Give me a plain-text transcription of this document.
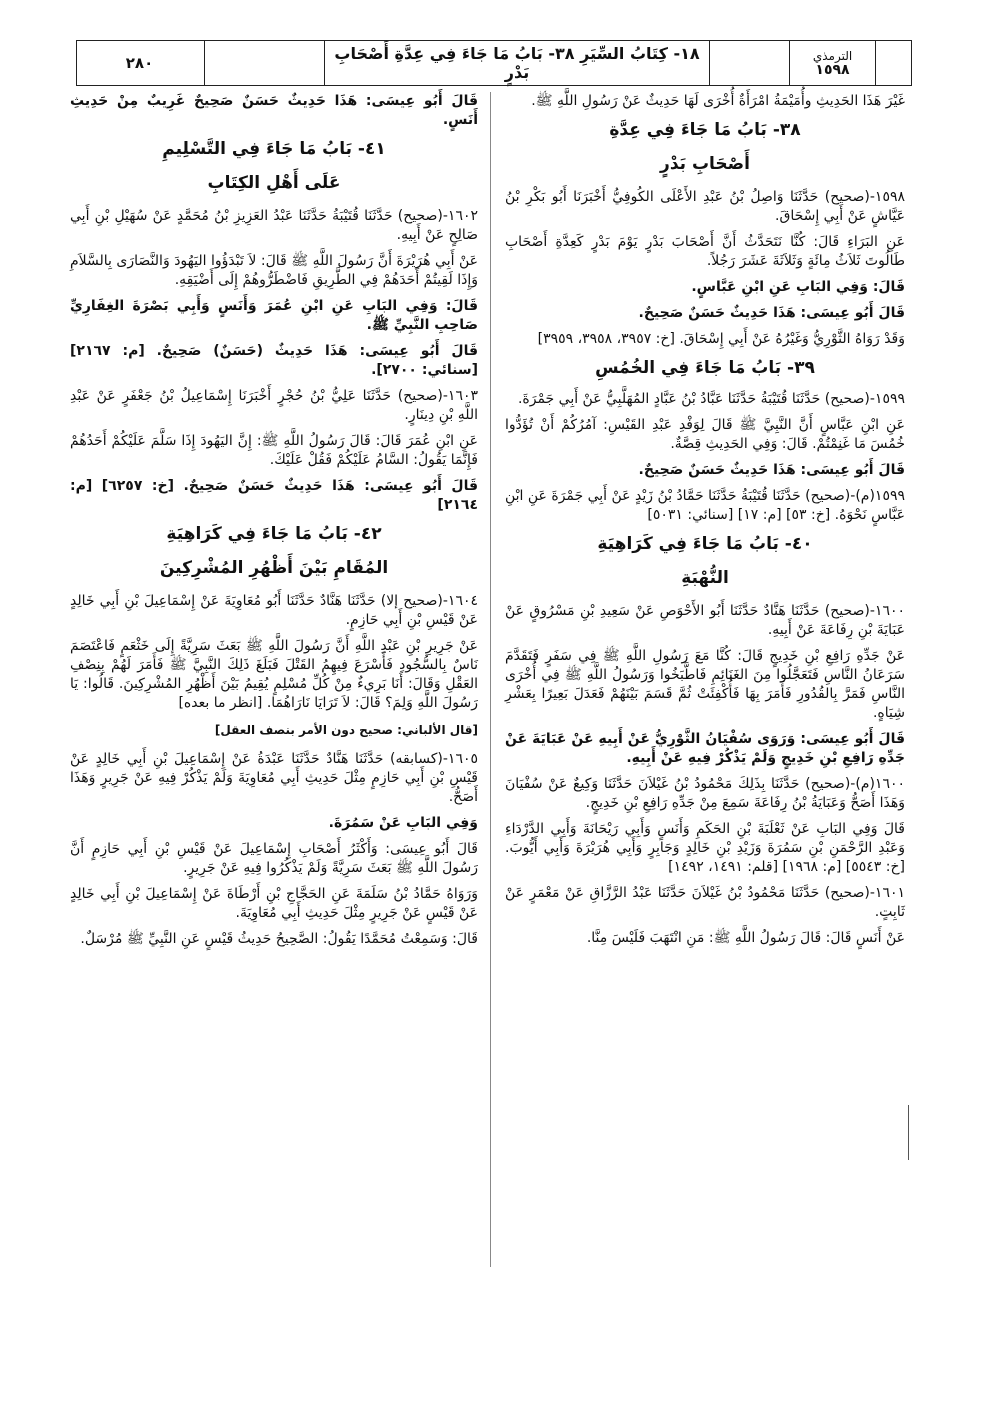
الترمذي
١٥٩٨
١٨- كِتَابُ السِّيَرِ ٣٨- بَابُ مَا جَاءَ فِي عِدَّةِ أَصْحَابِ بَدْرٍ
٢٨٠

غَيْرَ هَذَا الحَدِيثِ وأُمَيْمَةُ امْرَأَةٌ أُخْرَى لَهَا حَدِيثٌ عَنْ رَسُولِ اللَّهِ ﷺ.

٣٨- بَابُ مَا جَاءَ فِي عِدَّةِ

أَصْحَابِ بَدْرٍ

١٥٩٨-(صحيح) حَدَّثَنَا وَاصِلُ بْنُ عَبْدِ الأَعْلَى الكُوفِيُّ أَخْبَرَنَا أَبُو بَكْرِ بْنُ عَيَّاشٍ عَنْ أَبِي إِسْحَاقَ.

عَنِ البَرَاءِ قَالَ: كُنَّا نَتَحَدَّثُ أَنَّ أَصْحَابَ بَدْرٍ يَوْمَ بَدْرٍ كَعِدَّةِ أَصْحَابِ طَالُوتَ ثَلاَثُ مِائَةٍ وَثَلاَثَةَ عَشَرَ رَجُلاً.

قَالَ: وَفِي البَابِ عَنِ ابْنِ عَبَّاسٍ.

قَالَ أَبُو عِيسَى: هَذَا حَدِيثٌ حَسَنٌ صَحِيحٌ.

وَقَدْ رَوَاهُ الثَّوْرِيُّ وَغَيْرُهُ عَنْ أَبِي إِسْحَاقَ. [خ: ٣٩٥٧، ٣٩٥٨، ٣٩٥٩]

٣٩- بَابُ مَا جَاءَ فِي الخُمُسِ

١٥٩٩-(صحيح) حَدَّثَنَا قُتَيْبَةُ حَدَّثَنَا عَبَّادُ بْنُ عَبَّادٍ المُهَلَّبِيُّ عَنْ أَبِي جَمْرَةَ.

عَنِ ابْنِ عَبَّاسٍ أَنَّ النَّبِيَّ ﷺ قَالَ لِوَفْدِ عَبْدِ القَيْسِ: آمُرُكُمْ أَنْ تُؤَدُّوا خُمُسَ مَا غَنِمْتُمْ. قَالَ: وَفِي الحَدِيثِ قِصَّةٌ.

قَالَ أَبُو عِيسَى: هَذَا حَدِيثٌ حَسَنٌ صَحِيحٌ.

١٥٩٩(م)-(صحيح) حَدَّثَنَا قُتَيْبَةُ حَدَّثَنَا حَمَّادُ بْنُ زَيْدٍ عَنْ أَبِي جَمْرَةَ عَنِ ابْنِ عَبَّاسٍ نَحْوَهُ. [خ: ٥٣] [م: ١٧] [سنائي: ٥٠٣١]

٤٠- بَابُ مَا جَاءَ فِي كَرَاهِيَةِ

النُّهْبَةِ

١٦٠٠-(صحيح) حَدَّثَنَا هَنَّادٌ حَدَّثَنَا أَبُو الأَحْوَصِ عَنْ سَعِيدِ بْنِ مَسْرُوقٍ عَنْ عَبَايَةَ بْنِ رِفَاعَةَ عَنْ أَبِيهِ.

عَنْ جَدِّهِ رَافِعِ بْنِ خَدِيجٍ قَالَ: كُنَّا مَعَ رَسُولِ اللَّهِ ﷺ فِي سَفَرٍ فَتَقَدَّمَ سَرَعَانُ النَّاسِ فَتَعَجَّلُوا مِنَ الغَنَائِمِ فَاطَّبَخُوا وَرَسُولُ اللَّهِ ﷺ فِي أُخْرَى النَّاسِ فَمَرَّ بِالقُدُورِ فَأَمَرَ بِهَا فَأُكْفِئَتْ ثُمَّ قَسَمَ بَيْنَهُمْ فَعَدَلَ بَعِيرًا بِعَشْرِ شِيَاهٍ.

قَالَ أَبُو عِيسَى: وَرَوَى سُفْيَانُ الثَّوْرِيُّ عَنْ أَبِيهِ عَنْ عَبَايَةَ عَنْ جَدِّهِ رَافِعِ بْنِ خَدِيجٍ وَلَمْ يَذْكُرْ فِيهِ عَنْ أَبِيهِ.

١٦٠٠(م)-(صحيح) حَدَّثَنَا بِذَلِكَ مَحْمُودُ بْنُ غَيْلاَنَ حَدَّثَنَا وَكِيعٌ عَنْ سُفْيَانَ وَهَذَا أَصَحُّ وَعَبَايَةُ بْنُ رِفَاعَةَ سَمِعَ مِنْ جَدِّهِ رَافِعِ بْنِ خَدِيجٍ.

قَالَ وَفِي البَابِ عَنْ ثَعْلَبَةَ بْنِ الحَكَمِ وَأَنَسٍ وَأَبِي رَيْحَانَةَ وَأَبِي الدَّرْدَاءِ وَعَبْدِ الرَّحْمَنِ بْنِ سَمُرَةَ وَزَيْدِ بْنِ خَالِدٍ وَجَابِرٍ وَأَبِي هُرَيْرَةَ وَأَبِي أَيُّوبَ. [خ: ٥٥٤٣] [م: ١٩٦٨] [قلم: ١٤٩١، ١٤٩٢]

١٦٠١-(صحيح) حَدَّثَنَا مَحْمُودُ بْنُ غَيْلاَنَ حَدَّثَنَا عَبْدُ الرَّزَّاقِ عَنْ مَعْمَرٍ عَنْ ثَابِتٍ.

عَنْ أَنَسٍ قَالَ: قَالَ رَسُولُ اللَّهِ ﷺ: مَنِ انْتَهَبَ فَلَيْسَ مِنَّا.

قَالَ أَبُو عِيسَى: هَذَا حَدِيثٌ حَسَنٌ صَحِيحٌ غَرِيبٌ مِنْ حَدِيثِ أَنَسٍ.

٤١- بَابُ مَا جَاءَ فِي التَّسْلِيمِ

عَلَى أَهْلِ الكِتَابِ

١٦٠٢-(صحيح) حَدَّثَنَا قُتَيْبَةُ حَدَّثَنَا عَبْدُ العَزِيزِ بْنُ مُحَمَّدٍ عَنْ سُهَيْلِ بْنِ أَبِي صَالِحٍ عَنْ أَبِيهِ.

عَنْ أَبِي هُرَيْرَةَ أَنَّ رَسُولَ اللَّهِ ﷺ قَالَ: لاَ تَبْدَؤُوا اليَهُودَ وَالنَّصَارَى بِالسَّلاَمِ وَإِذَا لَقِيتُمْ أَحَدَهُمْ فِي الطَّرِيقِ فَاضْطَرُّوهُمْ إِلَى أَضْيَقِهِ.

قَالَ: وَفِي البَابِ عَنِ ابْنِ عُمَرَ وَأَنَسٍ وَأَبِي بَصْرَةَ الغِفَارِيِّ صَاحِبِ النَّبِيِّ ﷺ.

قَالَ أَبُو عِيسَى: هَذَا حَدِيثٌ (حَسَنٌ) صَحِيحٌ. [م: ٢١٦٧] [سنائي: ٢٧٠٠].

١٦٠٣-(صحيح) حَدَّثَنَا عَلِيُّ بْنُ حُجْرٍ أَخْبَرَنَا إِسْمَاعِيلُ بْنُ جَعْفَرٍ عَنْ عَبْدِ اللَّهِ بْنِ دِينَارٍ.

عَنِ ابْنِ عُمَرَ قَالَ: قَالَ رَسُولُ اللَّهِ ﷺ: إِنَّ اليَهُودَ إِذَا سَلَّمَ عَلَيْكُمْ أَحَدُهُمْ فَإِنَّمَا يَقُولُ: السَّامُ عَلَيْكُمْ فَقُلْ عَلَيْكَ.

قَالَ أَبُو عِيسَى: هَذَا حَدِيثٌ حَسَنٌ صَحِيحٌ. [خ: ٦٢٥٧] [م: ٢١٦٤]

٤٢- بَابُ مَا جَاءَ فِي كَرَاهِيَةِ

المُقَامِ بَيْنَ أَظْهُرِ المُشْرِكِينَ

١٦٠٤-(صحيح إلا) حَدَّثَنَا هَنَّادٌ حَدَّثَنَا أَبُو مُعَاوِيَةَ عَنْ إِسْمَاعِيلَ بْنِ أَبِي خَالِدٍ عَنْ قَيْسِ بْنِ أَبِي حَازِمٍ.

عَنْ جَرِيرِ بْنِ عَبْدِ اللَّهِ أَنَّ رَسُولَ اللَّهِ ﷺ بَعَثَ سَرِيَّةً إِلَى خَثْعَمٍ فَاعْتَصَمَ نَاسٌ بِالسُّجُودِ فَأَسْرَعَ فِيهِمُ القَتْلَ فَبَلَغَ ذَلِكَ النَّبِيَّ ﷺ فَأَمَرَ لَهُمْ بِنِصْفِ العَقْلِ وَقَالَ: أَنَا بَرِيءٌ مِنْ كُلِّ مُسْلِمٍ يُقِيمُ بَيْنَ أَظْهُرِ المُشْرِكِينَ. قَالُوا: يَا رَسُولَ اللَّهِ وَلِمَ؟ قَالَ: لاَ تَرَايَا نَارَاهُمَا. [انظر ما بعده]

[قال الألباني: صحيح دون الأمر بنصف العقل]

١٦٠٥-(كسابقه) حَدَّثَنَا هَنَّادٌ حَدَّثَنَا عَبْدَةُ عَنْ إِسْمَاعِيلَ بْنِ أَبِي خَالِدٍ عَنْ قَيْسِ بْنِ أَبِي حَازِمٍ مِثْلَ حَدِيثِ أَبِي مُعَاوِيَةَ وَلَمْ يَذْكُرْ فِيهِ عَنْ جَرِيرٍ وَهَذَا أَصَحُّ.

وَفِي البَابِ عَنْ سَمُرَةَ.

قَالَ أَبُو عِيسَى: وَأَكْثَرُ أَصْحَابِ إِسْمَاعِيلَ عَنْ قَيْسِ بْنِ أَبِي حَازِمٍ أَنَّ رَسُولَ اللَّهِ ﷺ بَعَثَ سَرِيَّةً وَلَمْ يَذْكُرُوا فِيهِ عَنْ جَرِيرٍ.

وَرَوَاهُ حَمَّادُ بْنُ سَلَمَةَ عَنِ الحَجَّاجِ بْنِ أَرْطَاةَ عَنْ إِسْمَاعِيلَ بْنِ أَبِي خَالِدٍ عَنْ قَيْسٍ عَنْ جَرِيرٍ مِثْلَ حَدِيثِ أَبِي مُعَاوِيَةَ.

قَالَ: وَسَمِعْتُ مُحَمَّدًا يَقُولُ: الصَّحِيحُ حَدِيثُ قَيْسٍ عَنِ النَّبِيِّ ﷺ مُرْسَلٌ.
